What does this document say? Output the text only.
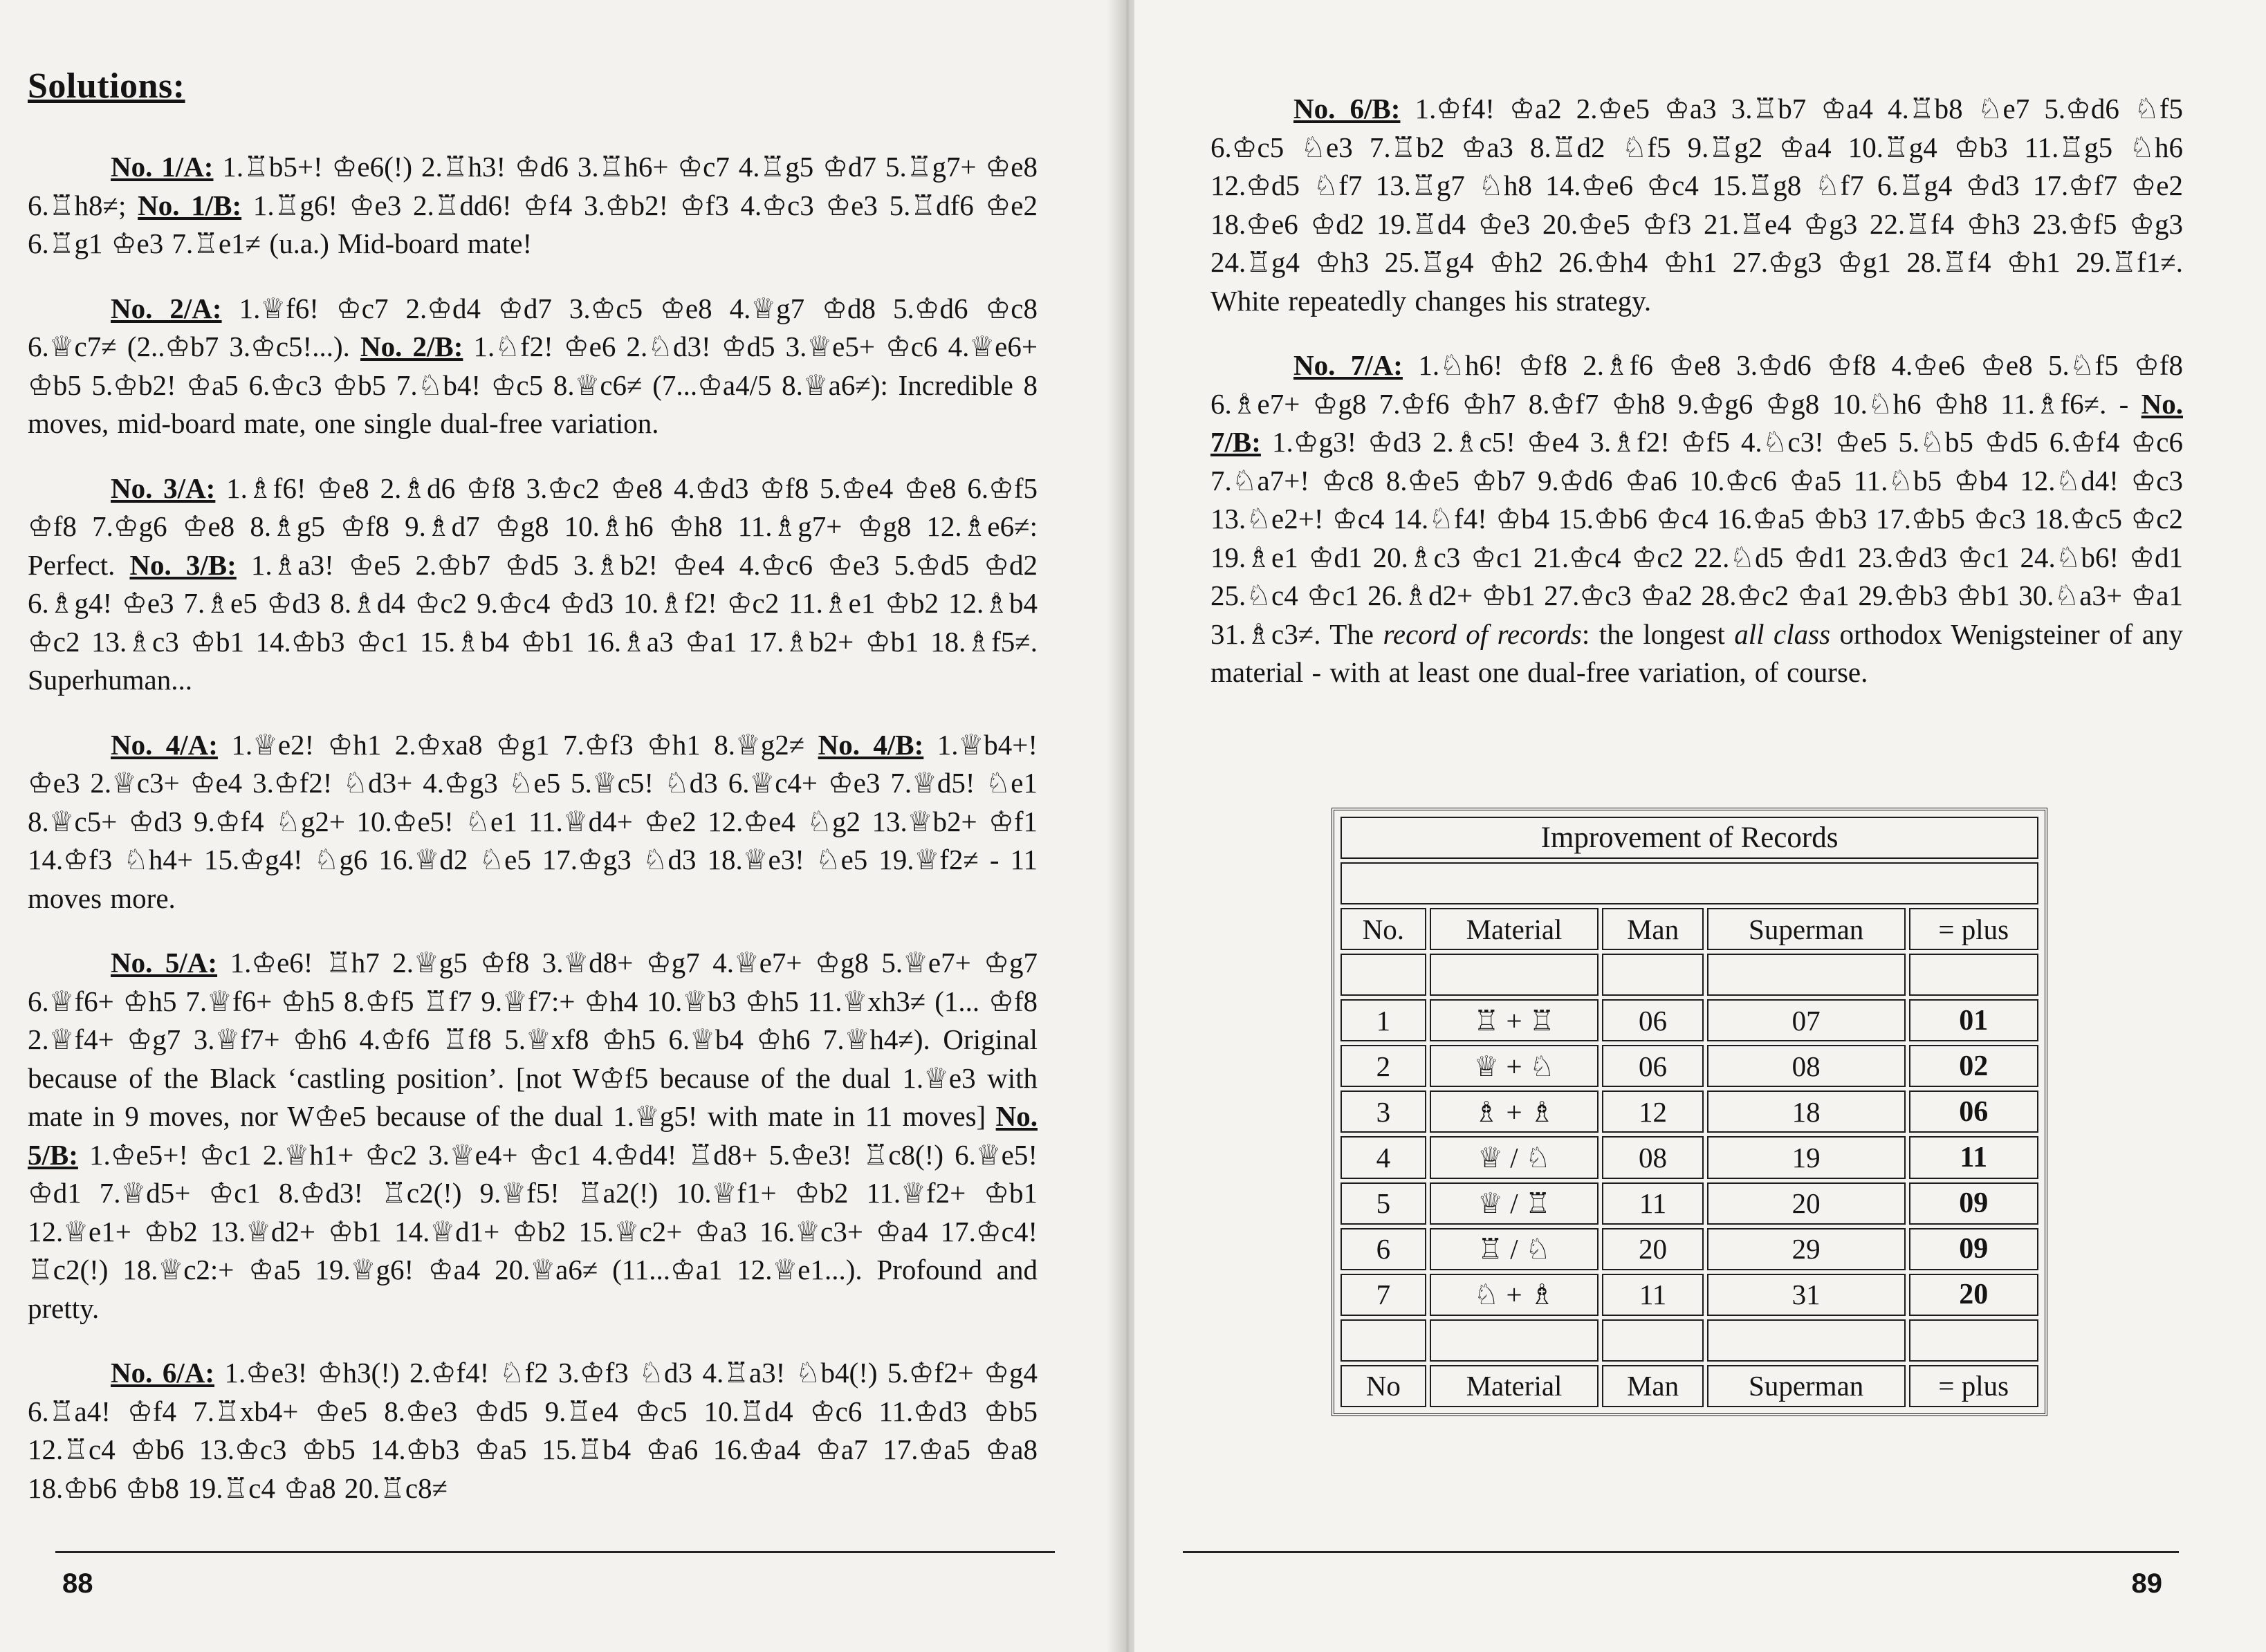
Solutions:

No. 1/A: 1.♖b5+! ♔e6(!) 2.♖h3! ♔d6 3.♖h6+ ♔c7 4.♖g5 ♔d7 5.♖g7+ ♔e8 6.♖h8≠; No. 1/B: 1.♖g6! ♔e3 2.♖dd6! ♔f4 3.♔b2! ♔f3 4.♔c3 ♔e3 5.♖df6 ♔e2 6.♖g1 ♔e3 7.♖e1≠ (u.a.) Mid-board mate!

No. 2/A: 1.♕f6! ♔c7 2.♔d4 ♔d7 3.♔c5 ♔e8 4.♕g7 ♔d8 5.♔d6 ♔c8 6.♕c7≠ (2..♔b7 3.♔c5!...). No. 2/B: 1.♘f2! ♔e6 2.♘d3! ♔d5 3.♕e5+ ♔c6 4.♕e6+ ♔b5 5.♔b2! ♔a5 6.♔c3 ♔b5 7.♘b4! ♔c5 8.♕c6≠ (7...♔a4/5 8.♕a6≠): Incredible 8 moves, mid-board mate, one single dual-free variation.

No. 3/A: 1.♗f6! ♔e8 2.♗d6 ♔f8 3.♔c2 ♔e8 4.♔d3 ♔f8 5.♔e4 ♔e8 6.♔f5 ♔f8 7.♔g6 ♔e8 8.♗g5 ♔f8 9.♗d7 ♔g8 10.♗h6 ♔h8 11.♗g7+ ♔g8 12.♗e6≠: Perfect. No. 3/B: 1.♗a3! ♔e5 2.♔b7 ♔d5 3.♗b2! ♔e4 4.♔c6 ♔e3 5.♔d5 ♔d2 6.♗g4! ♔e3 7.♗e5 ♔d3 8.♗d4 ♔c2 9.♔c4 ♔d3 10.♗f2! ♔c2 11.♗e1 ♔b2 12.♗b4 ♔c2 13.♗c3 ♔b1 14.♔b3 ♔c1 15.♗b4 ♔b1 16.♗a3 ♔a1 17.♗b2+ ♔b1 18.♗f5≠. Superhuman...

No. 4/A: 1.♕e2! ♔h1 2.♔xa8 ♔g1 7.♔f3 ♔h1 8.♕g2≠ No. 4/B: 1.♕b4+! ♔e3 2.♕c3+ ♔e4 3.♔f2! ♘d3+ 4.♔g3 ♘e5 5.♕c5! ♘d3 6.♕c4+ ♔e3 7.♕d5! ♘e1 8.♕c5+ ♔d3 9.♔f4 ♘g2+ 10.♔e5! ♘e1 11.♕d4+ ♔e2 12.♔e4 ♘g2 13.♕b2+ ♔f1 14.♔f3 ♘h4+ 15.♔g4! ♘g6 16.♕d2 ♘e5 17.♔g3 ♘d3 18.♕e3! ♘e5 19.♕f2≠ - 11 moves more.

No. 5/A: 1.♔e6! ♖h7 2.♕g5 ♔f8 3.♕d8+ ♔g7 4.♕e7+ ♔g8 5.♕e7+ ♔g7 6.♕f6+ ♔h5 7.♕f6+ ♔h5 8.♔f5 ♖f7 9.♕f7:+ ♔h4 10.♕b3 ♔h5 11.♕xh3≠ (1... ♔f8 2.♕f4+ ♔g7 3.♕f7+ ♔h6 4.♔f6 ♖f8 5.♕xf8 ♔h5 6.♕b4 ♔h6 7.♕h4≠). Original because of the Black ‘castling position’. [not W♔f5 because of the dual 1.♕e3 with mate in 9 moves, nor W♔e5 because of the dual 1.♕g5! with mate in 11 moves] No. 5/B: 1.♔e5+! ♔c1 2.♕h1+ ♔c2 3.♕e4+ ♔c1 4.♔d4! ♖d8+ 5.♔e3! ♖c8(!) 6.♕e5! ♔d1 7.♕d5+ ♔c1 8.♔d3! ♖c2(!) 9.♕f5! ♖a2(!) 10.♕f1+ ♔b2 11.♕f2+ ♔b1 12.♕e1+ ♔b2 13.♕d2+ ♔b1 14.♕d1+ ♔b2 15.♕c2+ ♔a3 16.♕c3+ ♔a4 17.♔c4! ♖c2(!) 18.♕c2:+ ♔a5 19.♕g6! ♔a4 20.♕a6≠ (11...♔a1 12.♕e1...). Profound and pretty.

No. 6/A: 1.♔e3! ♔h3(!) 2.♔f4! ♘f2 3.♔f3 ♘d3 4.♖a3! ♘b4(!) 5.♔f2+ ♔g4 6.♖a4! ♔f4 7.♖xb4+ ♔e5 8.♔e3 ♔d5 9.♖e4 ♔c5 10.♖d4 ♔c6 11.♔d3 ♔b5 12.♖c4 ♔b6 13.♔c3 ♔b5 14.♔b3 ♔a5 15.♖b4 ♔a6 16.♔a4 ♔a7 17.♔a5 ♔a8 18.♔b6 ♔b8 19.♖c4 ♔a8 20.♖c8≠

88

No. 6/B: 1.♔f4! ♔a2 2.♔e5 ♔a3 3.♖b7 ♔a4 4.♖b8 ♘e7 5.♔d6 ♘f5 6.♔c5 ♘e3 7.♖b2 ♔a3 8.♖d2 ♘f5 9.♖g2 ♔a4 10.♖g4 ♔b3 11.♖g5 ♘h6 12.♔d5 ♘f7 13.♖g7 ♘h8 14.♔e6 ♔c4 15.♖g8 ♘f7 6.♖g4 ♔d3 17.♔f7 ♔e2 18.♔e6 ♔d2 19.♖d4 ♔e3 20.♔e5 ♔f3 21.♖e4 ♔g3 22.♖f4 ♔h3 23.♔f5 ♔g3 24.♖g4 ♔h3 25.♖g4 ♔h2 26.♔h4 ♔h1 27.♔g3 ♔g1 28.♖f4 ♔h1 29.♖f1≠. White repeatedly changes his strategy.

No. 7/A: 1.♘h6! ♔f8 2.♗f6 ♔e8 3.♔d6 ♔f8 4.♔e6 ♔e8 5.♘f5 ♔f8 6.♗e7+ ♔g8 7.♔f6 ♔h7 8.♔f7 ♔h8 9.♔g6 ♔g8 10.♘h6 ♔h8 11.♗f6≠. - No. 7/B: 1.♔g3! ♔d3 2.♗c5! ♔e4 3.♗f2! ♔f5 4.♘c3! ♔e5 5.♘b5 ♔d5 6.♔f4 ♔c6 7.♘a7+! ♔c8 8.♔e5 ♔b7 9.♔d6 ♔a6 10.♔c6 ♔a5 11.♘b5 ♔b4 12.♘d4! ♔c3 13.♘e2+! ♔c4 14.♘f4! ♔b4 15.♔b6 ♔c4 16.♔a5 ♔b3 17.♔b5 ♔c3 18.♔c5 ♔c2 19.♗e1 ♔d1 20.♗c3 ♔c1 21.♔c4 ♔c2 22.♘d5 ♔d1 23.♔d3 ♔c1 24.♘b6! ♔d1 25.♘c4 ♔c1 26.♗d2+ ♔b1 27.♔c3 ♔a2 28.♔c2 ♔a1 29.♔b3 ♔b1 30.♘a3+ ♔a1 31.♗c3≠. The record of records: the longest all class orthodox Wenigsteiner of any material - with at least one dual-free variation, of course.

Improvement of Records				

No.	Material	Man	Superman	= plus

1	♖ + ♖	06	07	01
2	♕ + ♘	06	08	02
3	♗ + ♗	12	18	06
4	♕ / ♘	08	19	11
5	♕ / ♖	11	20	09
6	♖ / ♘	20	29	09
7	♘ + ♗	11	31	20

No	Material	Man	Superman	= plus
89
